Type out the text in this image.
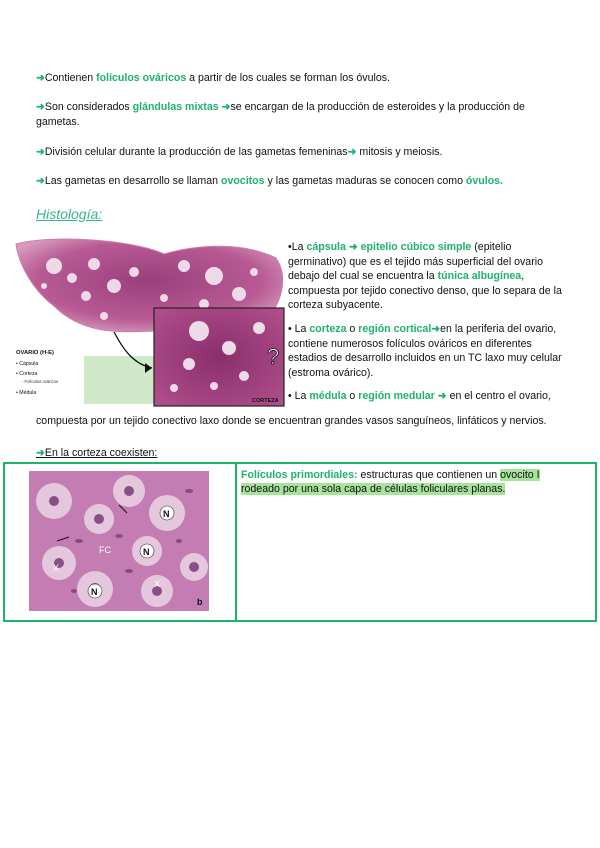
➜Contienen folículos ováricos a partir de los cuales se forman los óvulos.
➜Son considerados glándulas mixtas ➜se encargan de la producción de esteroides y la producción de gametas.
➜División celular durante la producción de las gametas femeninas➜ mitosis y meiosis.
➜Las gametas en desarrollo se llaman ovocitos y las gametas maduras se conocen como óvulos.
Histología:
?
CORTEZA
OVARIO (H-E)
• Cápsula
• Corteza
- Folículos ováricos
• Médula

•La cápsula ➜ epitelio cúbico simple (epitelio germinativo) que es el tejido más superficial del ovario debajo del cual se encuentra la túnica albugínea, compuesta por tejido conectivo denso, que lo separa de la corteza subyacente.

• La corteza o región cortical➜en la periferia del ovario, contiene numerosos folículos ováricos en diferentes estadios de desarrollo incluidos en un TC laxo muy celular (estroma ovárico).

• La médula o región medular ➜ en el centro el ovario,

compuesta por un tejido conectivo laxo donde se encuentran grandes vasos sanguíneos, linfáticos y nervios.
➜En la corteza coexisten:
N
N
N
FC
X
X
b
Folículos primordiales: estructuras que contienen un ovocito I
rodeado por una sola capa de células foliculares planas.
